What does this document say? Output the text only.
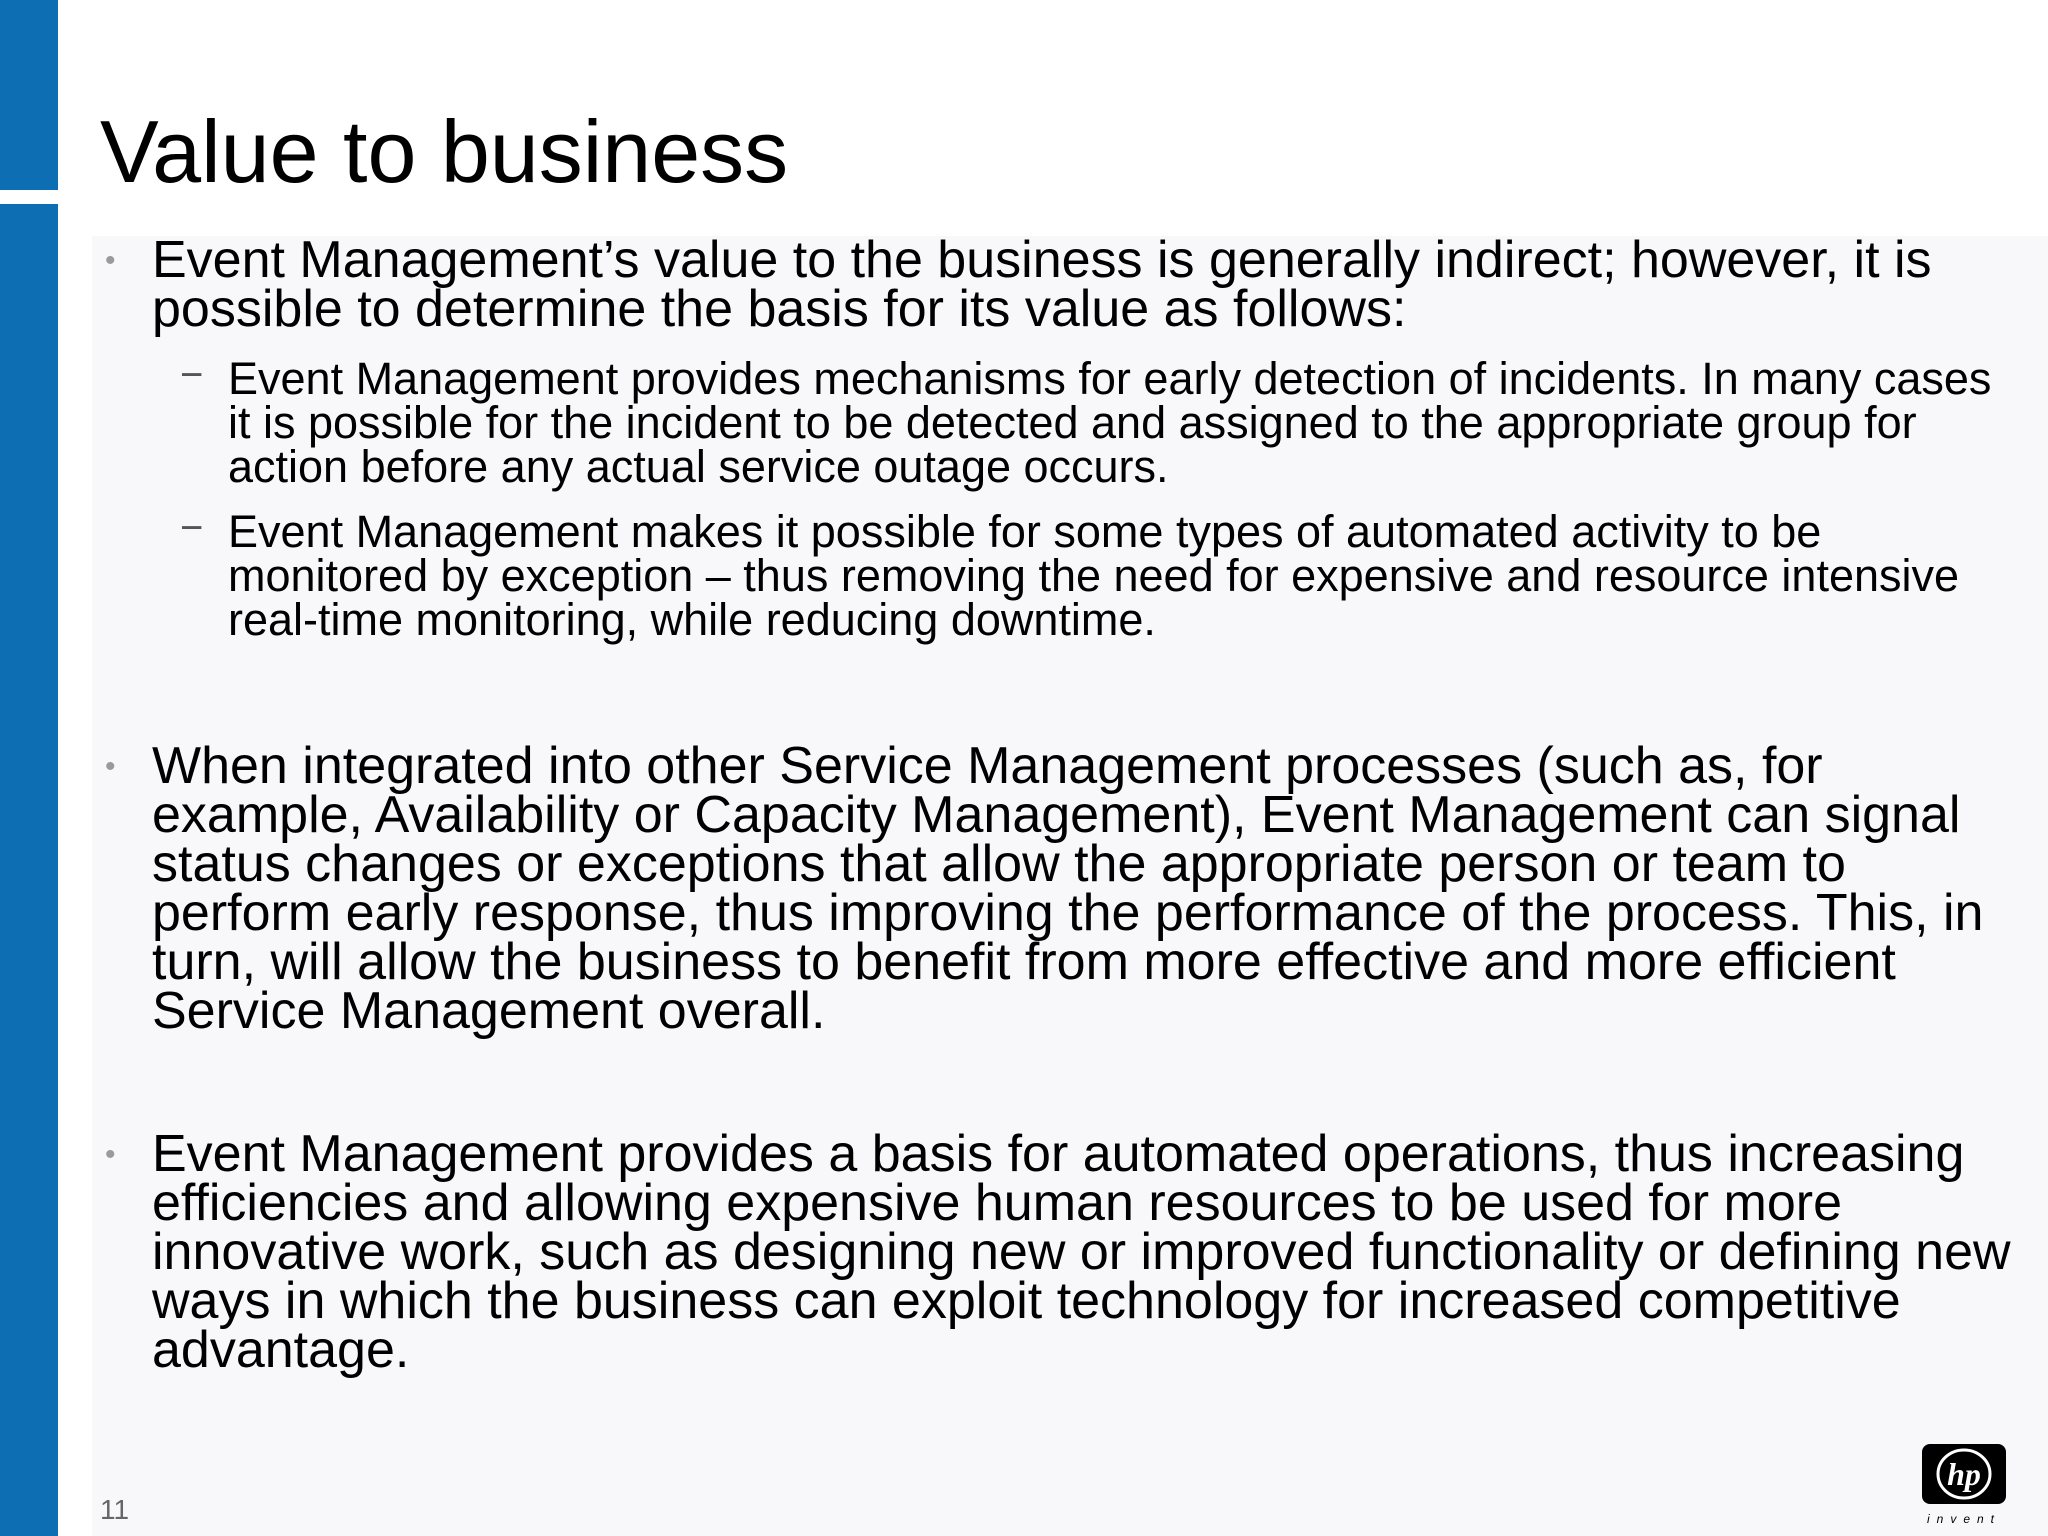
Value to business

• Event Management’s value to the business is generally indirect; however, it is possible to determine the basis for its value as follows:

− Event Management provides mechanisms for early detection of incidents. In many cases it is possible for the incident to be detected and assigned to the appropriate group for action before any actual service outage occurs.

− Event Management makes it possible for some types of automated activity to be monitored by exception – thus removing the need for expensive and resource intensive real-time monitoring, while reducing downtime.

• When integrated into other Service Management processes (such as, for example, Availability or Capacity Management), Event Management can signal status changes or exceptions that allow the appropriate person or team to perform early response, thus improving the performance of the process. This, in turn, will allow the business to benefit from more effective and more efficient Service Management overall.

• Event Management provides a basis for automated operations, thus increasing efficiencies and allowing expensive human resources to be used for more innovative work, such as designing new or improved functionality or defining new ways in which the business can exploit technology for increased competitive advantage.

11
hp
invent
